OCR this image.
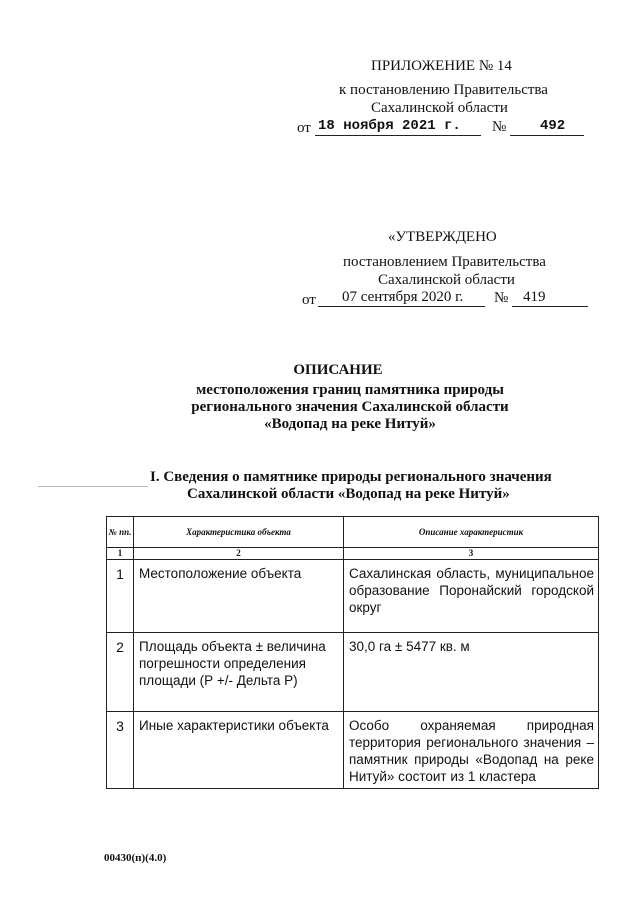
ПРИЛОЖЕНИЕ № 14
к постановлению Правительства
Сахалинской области
от 18 ноября 2021 г. № 492
«УТВЕРЖДЕНО
постановлением Правительства
Сахалинской области
от 07 сентября 2020 г. № 419
ОПИСАНИЕ
местоположения границ памятника природы
регионального значения Сахалинской области
«Водопад на реке Нитуй»
I. Сведения о памятнике природы регионального значения
Сахалинской области «Водопад на реке Нитуй»
№ пп.	Характеристика объекта	Описание характеристик
1	2	3
1	Местоположение объекта	Сахалинская область, муниципальное образование Поронайский городской округ
2	Площадь объекта ± величина погрешности определения площади (Р +/- Дельта Р)	30,0 га ± 5477 кв. м
3	Иные характеристики объекта	Особо охраняемая природная территория регионального значения – памятник природы «Водопад на реке Нитуй» состоит из 1 кластера
00430(п)(4.0)
